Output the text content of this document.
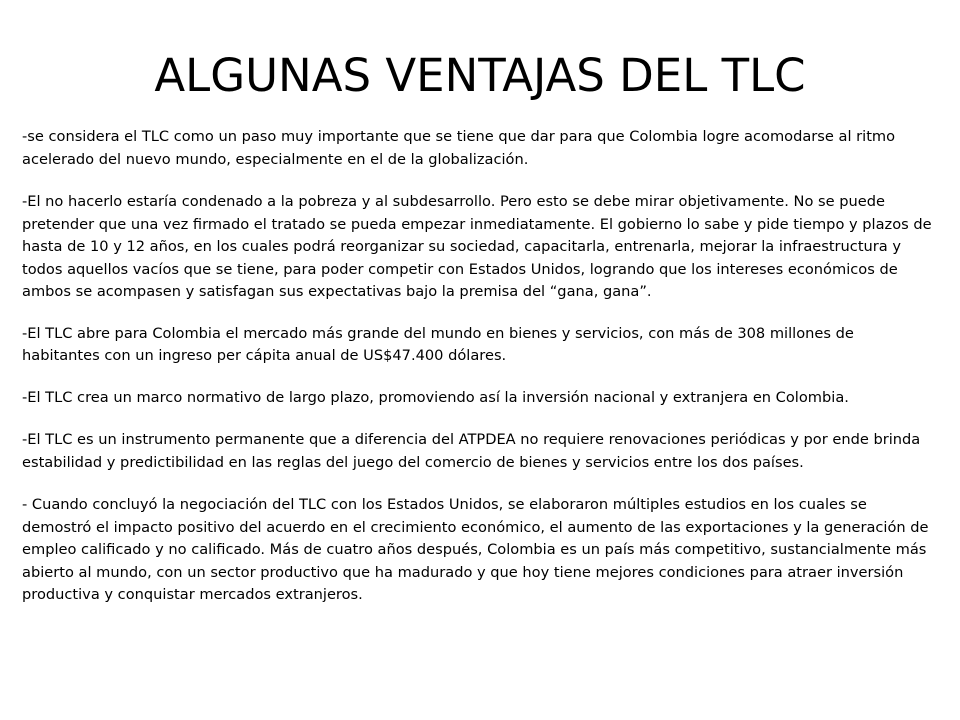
ALGUNAS VENTAJAS DEL TLC

-se considera el TLC como un paso muy importante que se tiene que dar para que Colombia logre acomodarse al ritmo acelerado del nuevo mundo, especialmente en el de la globalización.

-El no hacerlo estaría condenado a la pobreza y al subdesarrollo. Pero esto se debe mirar objetivamente. No se puede pretender que una vez firmado el tratado se pueda empezar inmediatamente. El gobierno lo sabe y pide tiempo y plazos de hasta de 10 y 12 años, en los cuales podrá reorganizar su sociedad, capacitarla, entrenarla, mejorar la infraestructura y todos aquellos vacíos que se tiene, para poder competir con Estados Unidos, logrando que los intereses económicos de ambos se acompasen y satisfagan sus expectativas bajo la premisa del “gana, gana”.

-El TLC abre para Colombia el mercado más grande del mundo en bienes y servicios, con más de 308 millones de habitantes con un ingreso per cápita anual de US$47.400 dólares.

-El TLC crea un marco normativo de largo plazo, promoviendo así la inversión nacional y extranjera en Colombia.

-El TLC es un instrumento permanente que a diferencia del ATPDEA no requiere renovaciones periódicas y por ende brinda estabilidad y predictibilidad en las reglas del juego del comercio de bienes y servicios entre los dos países.

- Cuando concluyó la negociación del TLC con los Estados Unidos, se elaboraron múltiples estudios en los cuales se demostró el impacto positivo del acuerdo en el crecimiento económico, el aumento de las exportaciones y la generación de empleo calificado y no calificado. Más de cuatro años después, Colombia es un país más competitivo, sustancialmente más abierto al mundo, con un sector productivo que ha madurado y que hoy tiene mejores condiciones para atraer inversión productiva y conquistar mercados extranjeros.
